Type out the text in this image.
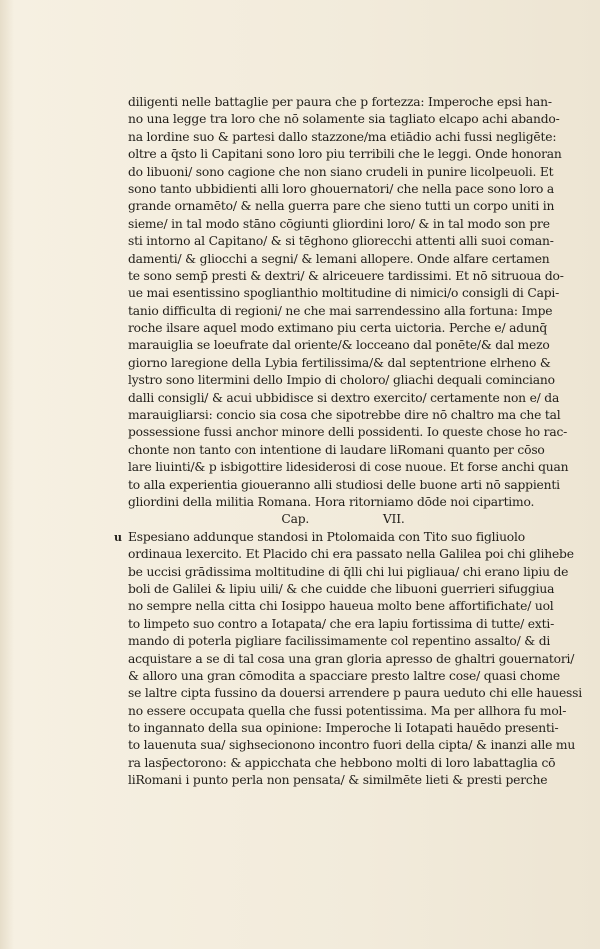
diligenti nelle battaglie per paura che p fortezza: Imperoche epsi han-
no una legge tra loro che nō solamente sia tagliato elcapo achi abando-
na lordine suo & partesi dallo stazzone/ma etiādio achi fussi negligēte:
oltre a q̄sto li Capitani sono loro piu terribili che le leggi. Onde honoran
do libuoni/ sono cagione che non siano crudeli in punire licolpeuoli. Et
sono tanto ubbidienti alli loro ghouernatori/ che nella pace sono loro a
grande ornamēto/ & nella guerra pare che sieno tutti un corpo uniti in
sieme/ in tal modo stāno cōgiunti gliordini loro/ & in tal modo son pre
sti intorno al Capitano/ & si tēghono gliorecchi attenti alli suoi coman-
damenti/ & gliocchi a segni/ & lemani allopere. Onde alfare certamen
te sono semp̄ presti & dextri/ & alriceuere tardissimi. Et nō sitruoua do-
ue mai esentissino spoglianthio moltitudine di nimici/o consigli di Capi-
tanio difficulta di regioni/ ne che mai sarrendessino alla fortuna: Impe
roche ilsare aquel modo extimano piu certa uictoria. Perche e/ adunq̄
marauiglia se loeufrate dal oriente/& locceano dal ponēte/& dal mezo
giorno laregione della Lybia fertilissima/& dal septentrione elrheno &
lystro sono litermini dello Impio di choloro/ gliachi dequali cominciano
dalli consigli/ & acui ubbidisce si dextro exercito/ certamente non e/ da
marauigliarsi: concio sia cosa che sipotrebbe dire nō chaltro ma che tal
possessione fussi anchor minore delli possidenti. Io queste chose ho rac-
chonte non tanto con intentione di laudare liRomani quanto per cōso
lare liuinti/& p isbigottire lidesiderosi di cose nuoue. Et forse anchi quan
to alla experientia gioueranno alli studiosi delle buone arti nō sappienti
gliordini della militia Romana. Hora ritorniamo dōde noi cipartimo.
Cap. VII.
u Espesiano addunque standosi in Ptolomaida con Tito suo figliuolo
ordinaua lexercito. Et Placido chi era passato nella Galilea poi chi glihebe
be uccisi grādissima moltitudine di q̄lli chi lui pigliaua/ chi erano lipiu de
boli de Galilei & lipiu uili/ & che cuidde che libuoni guerrieri sifuggiua
no sempre nella citta chi Iosippo haueua molto bene affortifichate/ uol
to limpeto suo contro a Iotapata/ che era lapiu fortissima di tutte/ exti-
mando di poterla pigliare facilissimamente col repentino assalto/ & di
acquistare a se di tal cosa una gran gloria apresso de ghaltri gouernatori/
& alloro una gran cōmodita a spacciare presto laltre cose/ quasi chome
se laltre cipta fussino da douersi arrendere p paura ueduto chi elle hauessi
no essere occupata quella che fussi potentissima. Ma per allhora fu mol-
to ingannato della sua opinione: Imperoche li Iotapati hauēdo presenti-
to lauenuta sua/ sighsecionono incontro fuori della cipta/ & inanzi alle mu
ra lasp̄ectorono: & appicchata che hebbono molti di loro labattaglia cō
liRomani i punto perla non pensata/ & similmēte lieti & presti perche
